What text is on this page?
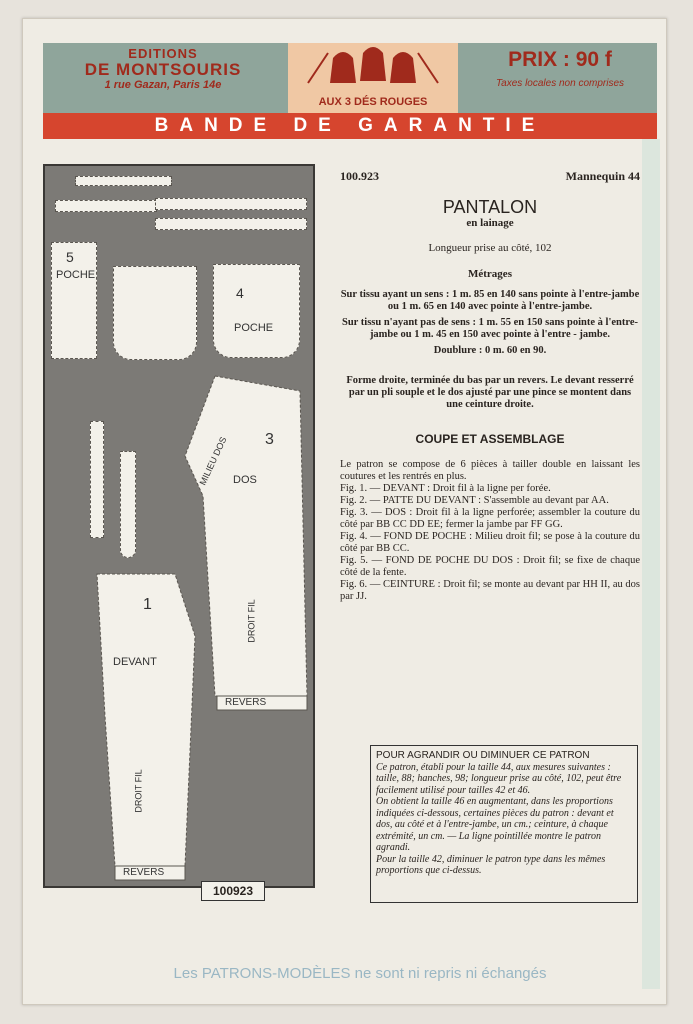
EDITIONS
DE MONTSOURIS
1 rue Gazan, Paris 14e
AUX 3 DÉS ROUGES
PRIX : 90 f
Taxes locales non comprises
BANDE DE GARANTIE
5
POCHE
4
POCHE
3
DOS
MILIEU DOS
DROIT FIL
REVERS
1
DEVANT
DROIT FIL
REVERS
100923
100.923	Mannequin 44
PANTALON
en lainage

Longueur prise au côté, 102

Métrages

Sur tissu ayant un sens : 1 m. 85 en 140 sans pointe à l'entre-jambe ou 1 m. 65 en 140 avec pointe à l'entre-jambe.

Sur tissu n'ayant pas de sens : 1 m. 55 en 150 sans pointe à l'entre-jambe ou 1 m. 45 en 150 avec pointe à l'entre - jambe.

Doublure : 0 m. 60 en 90.

Forme droite, terminée du bas par un revers. Le devant resserré par un pli souple et le dos ajusté par une pince se montent dans une ceinture droite.

COUPE ET ASSEMBLAGE

Le patron se compose de 6 pièces à tailler double en laissant les coutures et les rentrés en plus.

Fig. 1. — DEVANT : Droit fil à la ligne per forée.

Fig. 2. — PATTE DU DEVANT : S'assemble au devant par AA.

Fig. 3. — DOS : Droit fil à la ligne perforée; assembler la couture du côté par BB CC DD EE; fermer la jambe par FF GG.

Fig. 4. — FOND DE POCHE : Milieu droit fil; se pose à la couture du côté par BB CC.

Fig. 5. — FOND DE POCHE DU DOS : Droit fil; se fixe de chaque côté de la fente.

Fig. 6. — CEINTURE : Droit fil; se monte au devant par HH II, au dos par JJ.

POUR AGRANDIR OU DIMINUER CE PATRON

Ce patron, établi pour la taille 44, aux mesures suivantes : taille, 88; hanches, 98; longueur prise au côté, 102, peut être facilement utilisé pour tailles 42 et 46.

On obtient la taille 46 en augmentant, dans les proportions indiquées ci-dessous, certaines pièces du patron : devant et dos, au côté et à l'entre-jambe, un cm.; ceinture, à chaque extrémité, un cm. — La ligne pointillée montre le patron agrandi.

Pour la taille 42, diminuer le patron type dans les mêmes proportions que ci-dessus.

Les PATRONS-MODÈLES ne sont ni repris ni échangés
